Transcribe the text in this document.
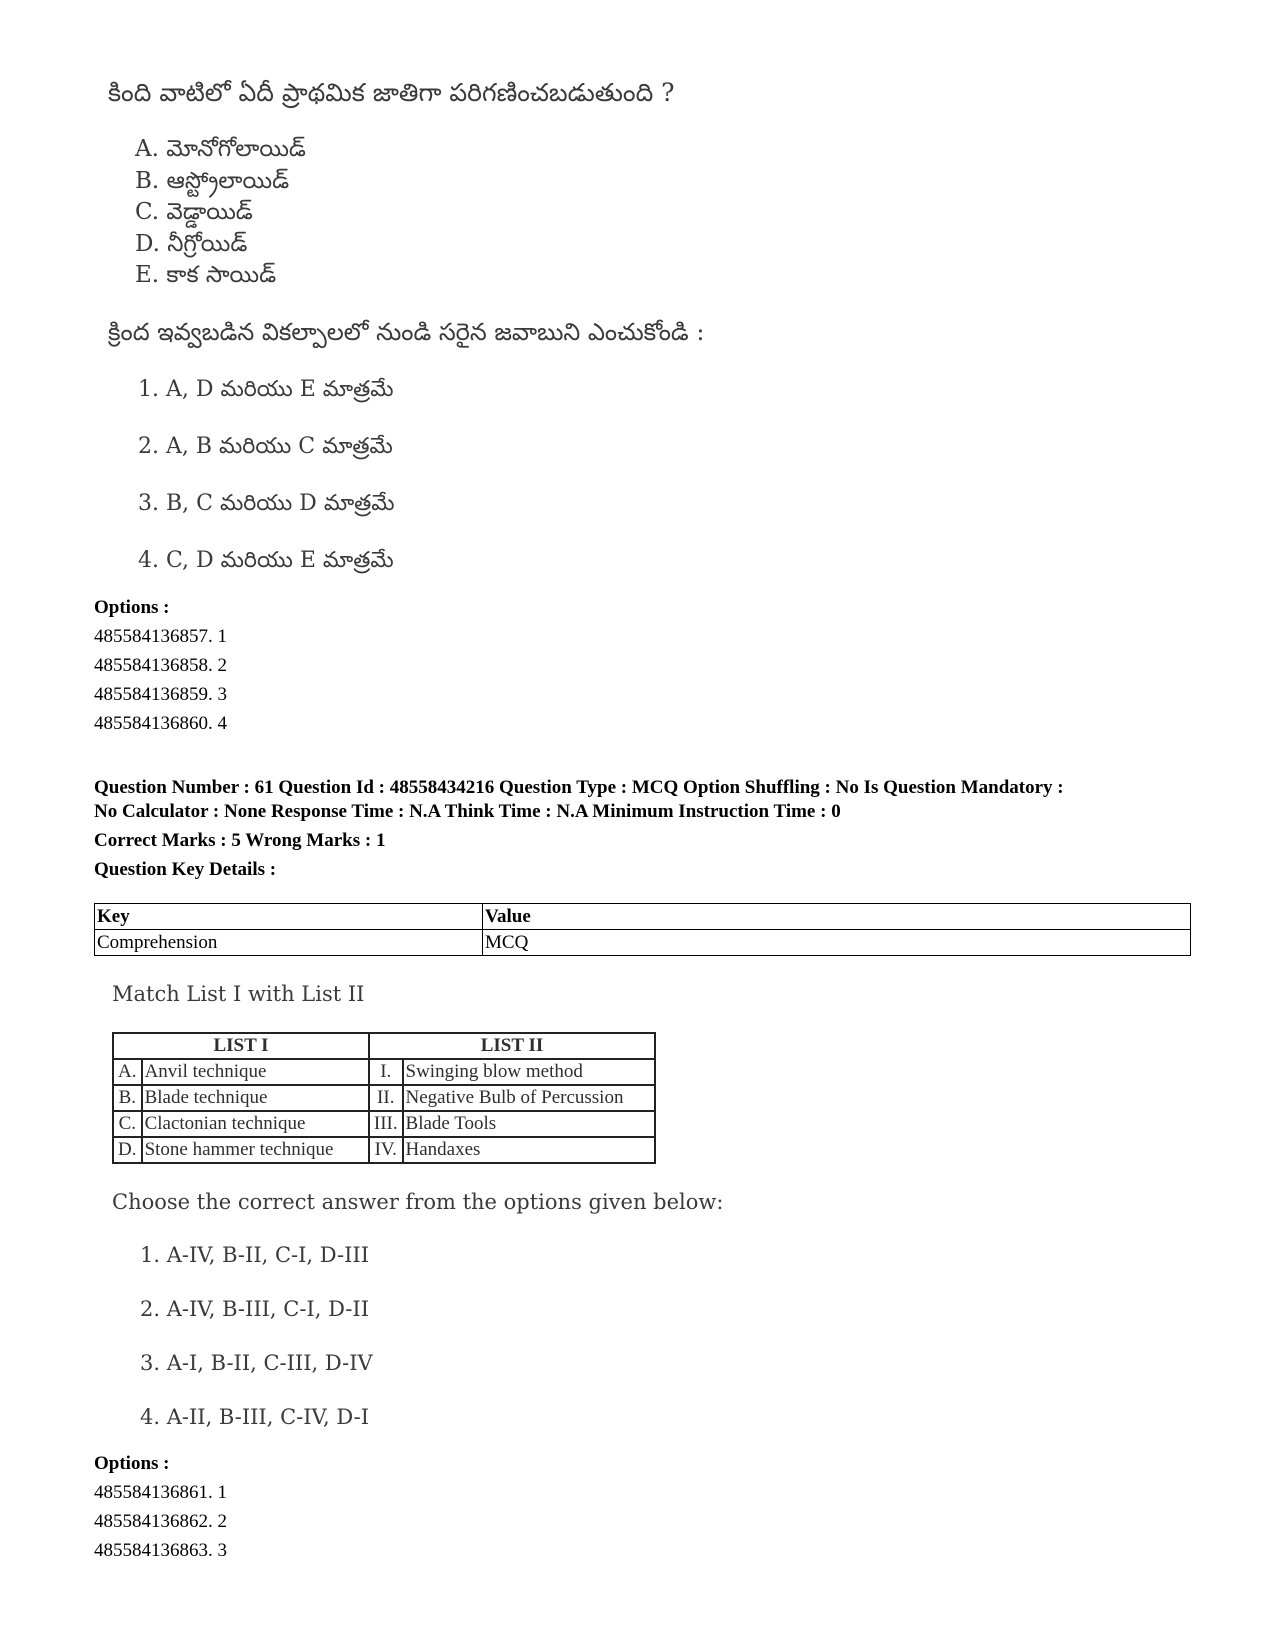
కింది వాటిలో ఏదీ ప్రాథమిక జాతిగా పరిగణించబడుతుంది ?
A. మోనోగోలాయిడ్
B. ఆస్ట్రోలాయిడ్
C. వెడ్డాయిడ్
D. నీగ్రోయిడ్
E. కాక సాయిడ్
క్రింద ఇవ్వబడిన వికల్పాలలో నుండి సరైన జవాబుని ఎంచుకోండి :
1. A, D మరియు E మాత్రమే
2. A, B మరియు C మాత్రమే
3. B, C మరియు D మాత్రమే
4. C, D మరియు E మాత్రమే
Options :
485584136857. 1
485584136858. 2
485584136859. 3
485584136860. 4
Question Number : 61 Question Id : 48558434216 Question Type : MCQ Option Shuffling : No Is Question Mandatory :
No Calculator : None Response Time : N.A Think Time : N.A Minimum Instruction Time : 0
Correct Marks : 5 Wrong Marks : 1
Question Key Details :
Key	Value
Comprehension	MCQ
Match List I with List II
LIST I		LIST II	
A.	Anvil technique	I.	Swinging blow method
B.	Blade technique	II.	Negative Bulb of Percussion
C.	Clactonian technique	III.	Blade Tools
D.	Stone hammer technique	IV.	Handaxes
Choose the correct answer from the options given below:
1. A-IV, B-II, C-I, D-III
2. A-IV, B-III, C-I, D-II
3. A-I, B-II, C-III, D-IV
4. A-II, B-III, C-IV, D-I
Options :
485584136861. 1
485584136862. 2
485584136863. 3
